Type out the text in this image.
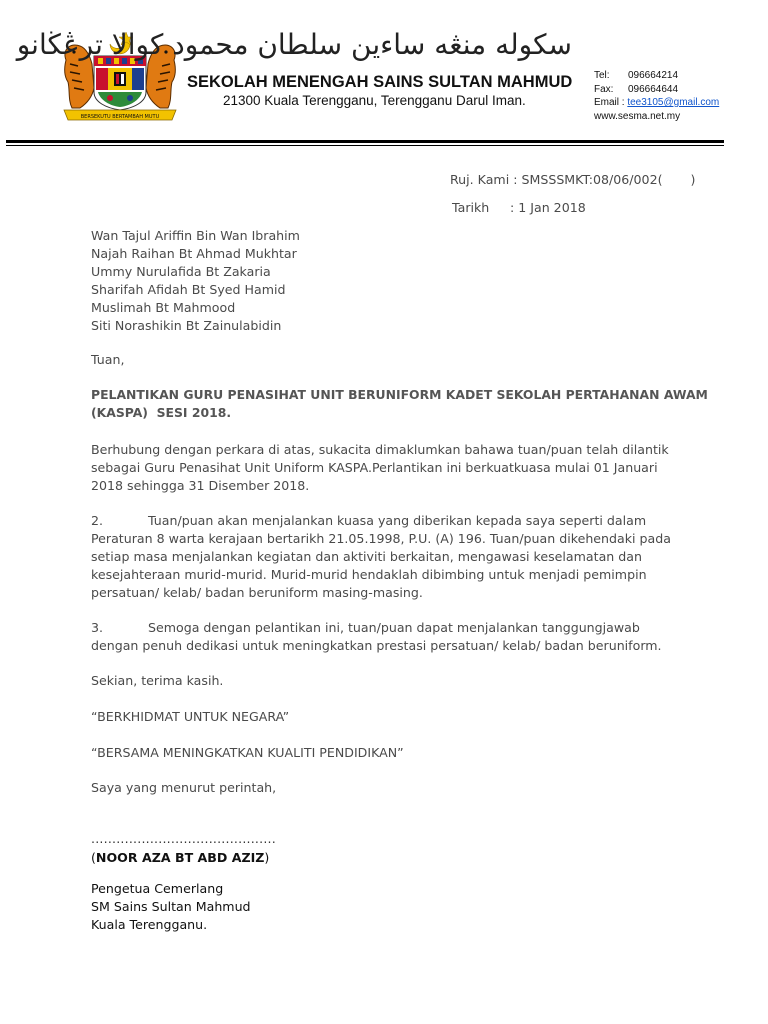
BERSEKUTU BERTAMBAH MUTU
سکوله منڠه ساءين سلطان محمود کوالا ترڠڬانو
SEKOLAH MENENGAH SAINS SULTAN MAHMUD
21300 Kuala Terengganu, Terengganu Darul Iman.
Tel: 096664214
Fax: 096664644
Email : tee3105@gmail.com
www.sesma.net.my
Ruj. Kami : SMSSSMKT:08/06/002(       )
Tarikh : 1 Jan 2018
Wan Tajul Ariffin Bin Wan Ibrahim
Najah Raihan Bt Ahmad Mukhtar
Ummy Nurulafida Bt Zakaria
Sharifah Afidah Bt Syed Hamid
Muslimah Bt Mahmood
Siti Norashikin Bt Zainulabidin
Tuan,
PELANTIKAN GURU PENASIHAT UNIT BERUNIFORM KADET SEKOLAH PERTAHANAN AWAM
(KASPA)  SESI 2018.
Berhubung dengan perkara di atas, sukacita dimaklumkan bahawa tuan/puan telah dilantik sebagai Guru Penasihat Unit Uniform KASPA.Perlantikan ini berkuatkuasa mulai 01 Januari 2018 sehingga 31 Disember 2018.
2.	Tuan/puan akan menjalankan kuasa yang diberikan kepada saya seperti dalam Peraturan 8 warta kerajaan bertarikh 21.05.1998, P.U. (A) 196. Tuan/puan dikehendaki pada setiap masa menjalankan kegiatan dan aktiviti berkaitan, mengawasi keselamatan dan kesejahteraan murid-murid. Murid-murid hendaklah dibimbing untuk menjadi pemimpin persatuan/ kelab/ badan beruniform masing-masing.
3.	Semoga dengan pelantikan ini, tuan/puan dapat menjalankan tanggungjawab dengan penuh dedikasi untuk meningkatkan prestasi persatuan/ kelab/ badan beruniform.
Sekian, terima kasih.
“BERKHIDMAT UNTUK NEGARA”
“BERSAMA MENINGKATKAN KUALITI PENDIDIKAN”
Saya yang menurut perintah,
............................................
(NOOR AZA BT ABD AZIZ)
Pengetua Cemerlang
SM Sains Sultan Mahmud
Kuala Terengganu.
